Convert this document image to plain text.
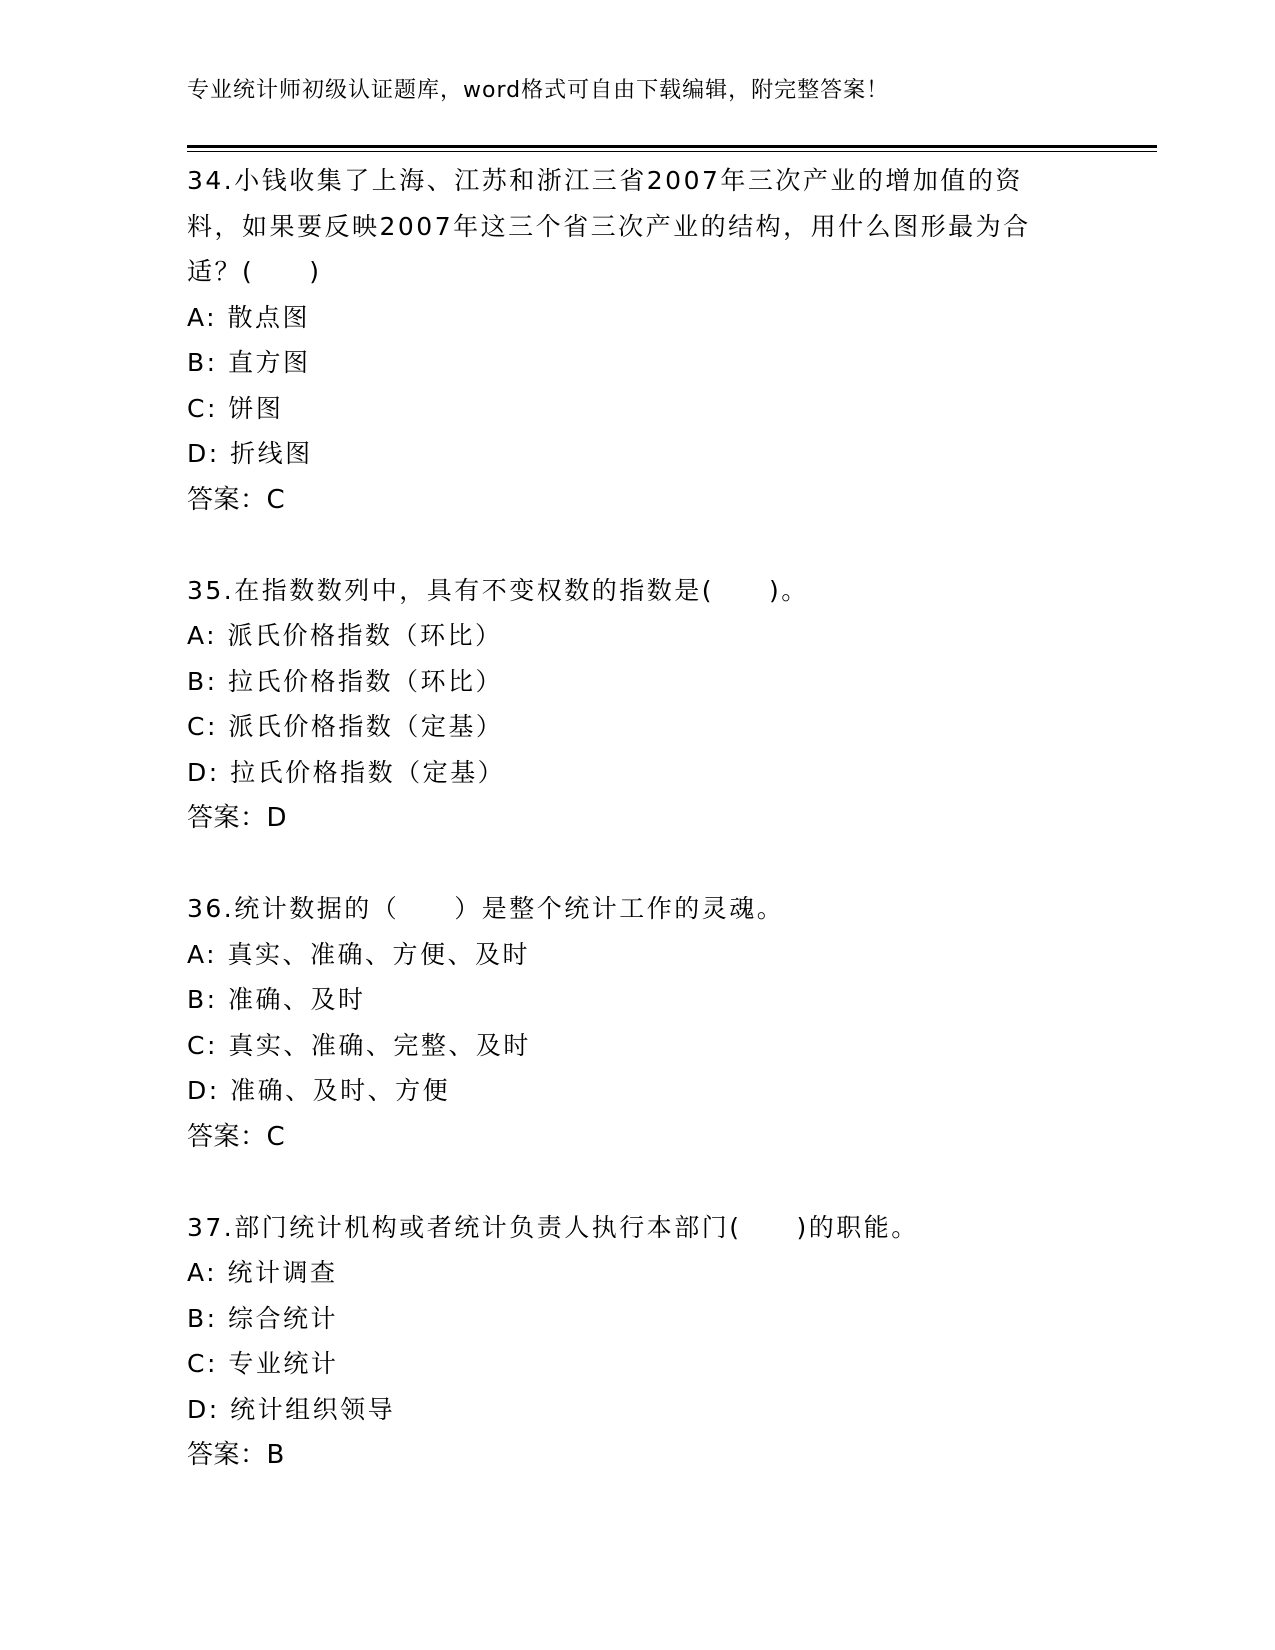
专业统计师初级认证题库，word格式可自由下载编辑，附完整答案！
34.小钱收集了上海、江苏和浙江三省2007年三次产业的增加值的资料，如果要反映2007年这三个省三次产业的结构，用什么图形最为合适？(　　)
A: 散点图
B: 直方图
C: 饼图
D: 折线图
答案：C
35.在指数数列中，具有不变权数的指数是(　　)。
A: 派氏价格指数（环比）
B: 拉氏价格指数（环比）
C: 派氏价格指数（定基）
D: 拉氏价格指数（定基）
答案：D
36.统计数据的（　　）是整个统计工作的灵魂。
A: 真实、准确、方便、及时
B: 准确、及时
C: 真实、准确、完整、及时
D: 准确、及时、方便
答案：C
37.部门统计机构或者统计负责人执行本部门(　　)的职能。
A: 统计调查
B: 综合统计
C: 专业统计
D: 统计组织领导
答案：B
